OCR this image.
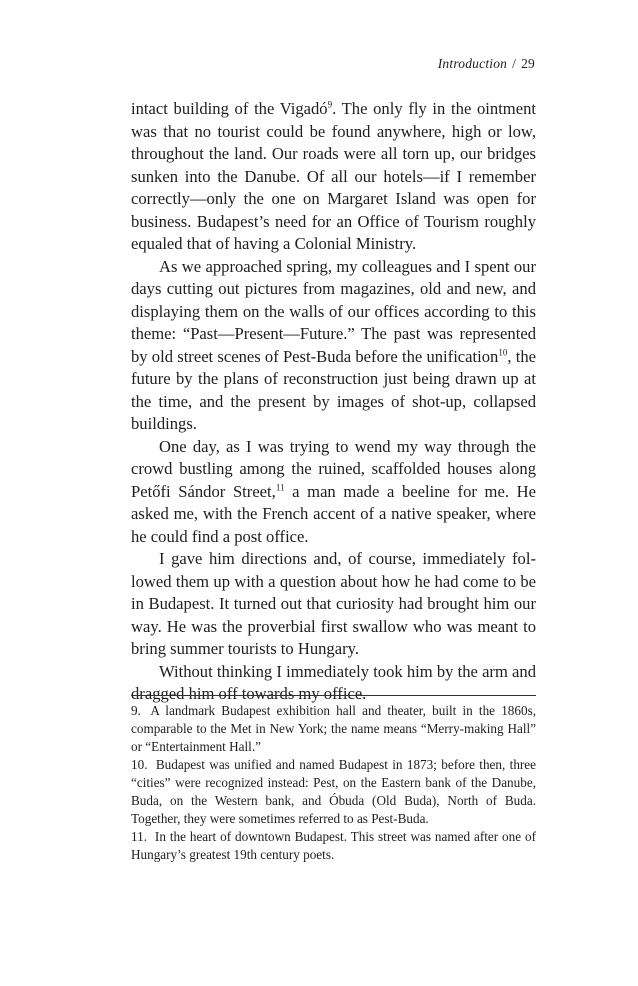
Introduction / 29

intact building of the Vigadó$^9$. The only fly in the ointment was that no tourist could be found anywhere, high or low, throughout the land. Our roads were all torn up, our bridges sunken into the Danube. Of all our hotels—if I remember correctly—only the one on Margaret Island was open for business. Budapest’s need for an Office of Tourism roughly equaled that of having a Colonial Ministry.

As we approached spring, my colleagues and I spent our days cutting out pictures from magazines, old and new, and displaying them on the walls of our offices according to this theme: “Past—Present—Future.” The past was represented by old street scenes of Pest-Buda before the unification$^{10}$, the future by the plans of reconstruction just being drawn up at the time, and the present by images of shot-up, collapsed buildings.

One day, as I was trying to wend my way through the crowd bustling among the ruined, scaffolded houses along Petőfi Sándor Street,$^{11}$ a man made a beeline for me. He asked me, with the French accent of a native speaker, where he could find a post office.

I gave him directions and, of course, immediately followed them up with a question about how he had come to be in Budapest. It turned out that curiosity had brought him our way. He was the proverbial first swallow who was meant to bring summer tourists to Hungary.

Without thinking I immediately took him by the arm and dragged him off towards my office.

9. A landmark Budapest exhibition hall and theater, built in the 1860s, comparable to the Met in New York; the name means “Merry-making Hall” or “Entertainment Hall.”

10. Budapest was unified and named Budapest in 1873; before then, three “cities” were recognized instead: Pest, on the Eastern bank of the Danube, Buda, on the Western bank, and Óbuda (Old Buda), North of Buda. Together, they were sometimes referred to as Pest-Buda.

11. In the heart of downtown Budapest. This street was named after one of Hungary’s greatest 19th century poets.
